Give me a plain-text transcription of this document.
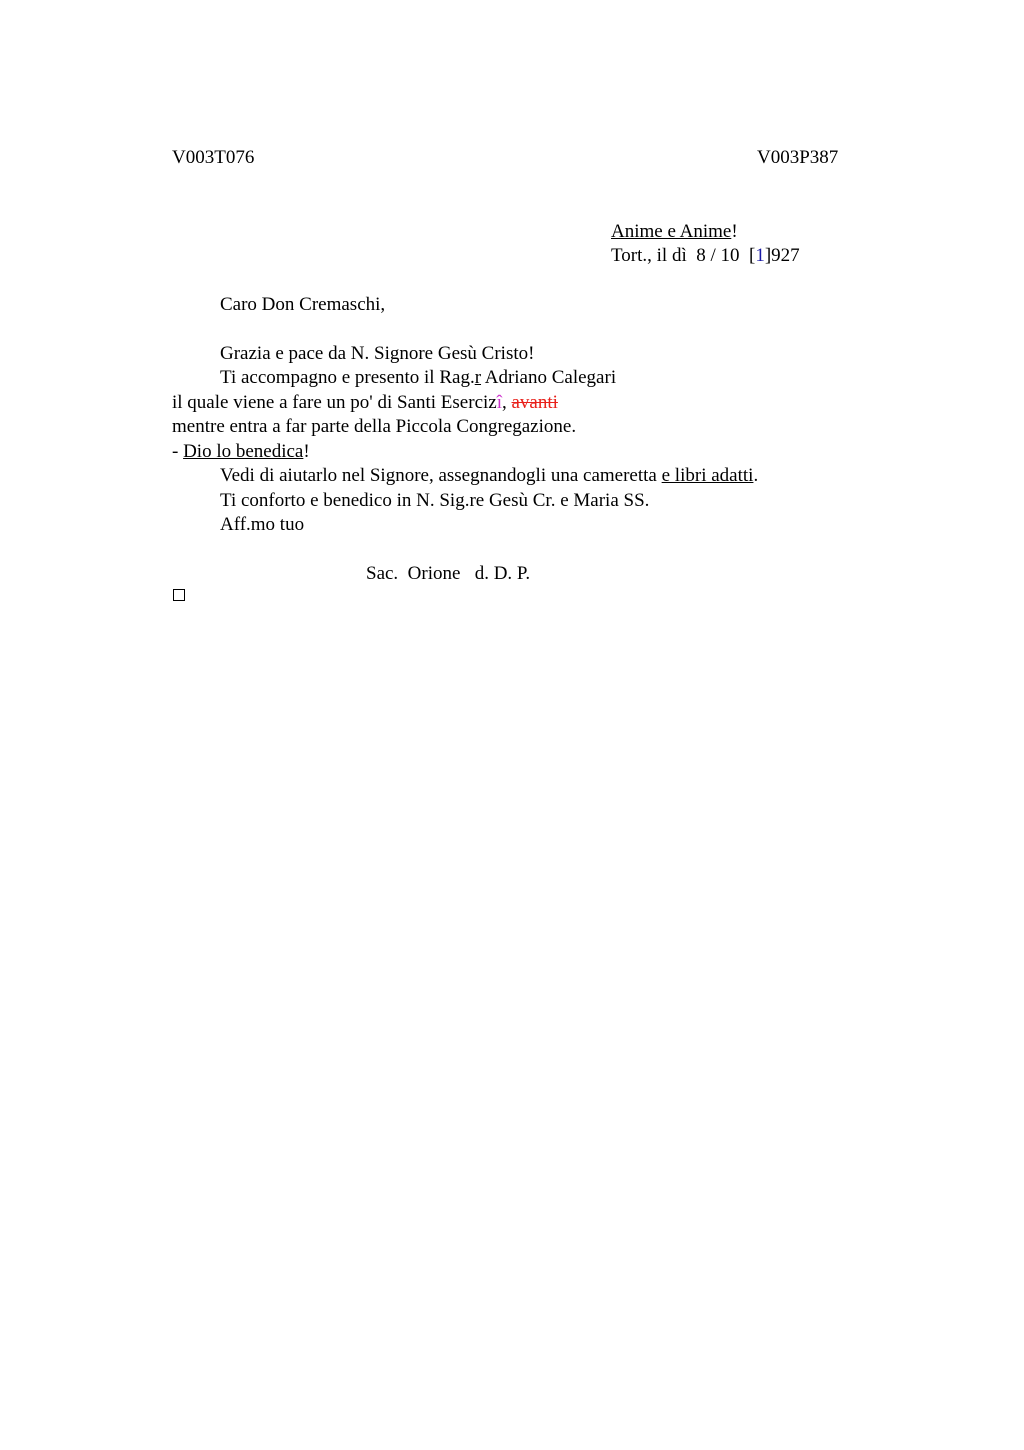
V003T076	V003P387
Anime e Anime!
Tort., il dì  8 / 10  [1]927
Caro Don Cremaschi,
Grazia e pace da N. Signore Gesù Cristo!
Ti accompagno e presento il Rag.r Adriano Calegari
il quale viene a fare un po' di Santi Esercizî, avanti
mentre entra a far parte della Piccola Congregazione.
- Dio lo benedica!
Vedi di aiutarlo nel Signore, assegnandogli una cameretta e libri adatti.
Ti conforto e benedico in N. Sig.re Gesù Cr. e Maria SS.
Aff.mo tuo
Sac.  Orione   d. D. P.
